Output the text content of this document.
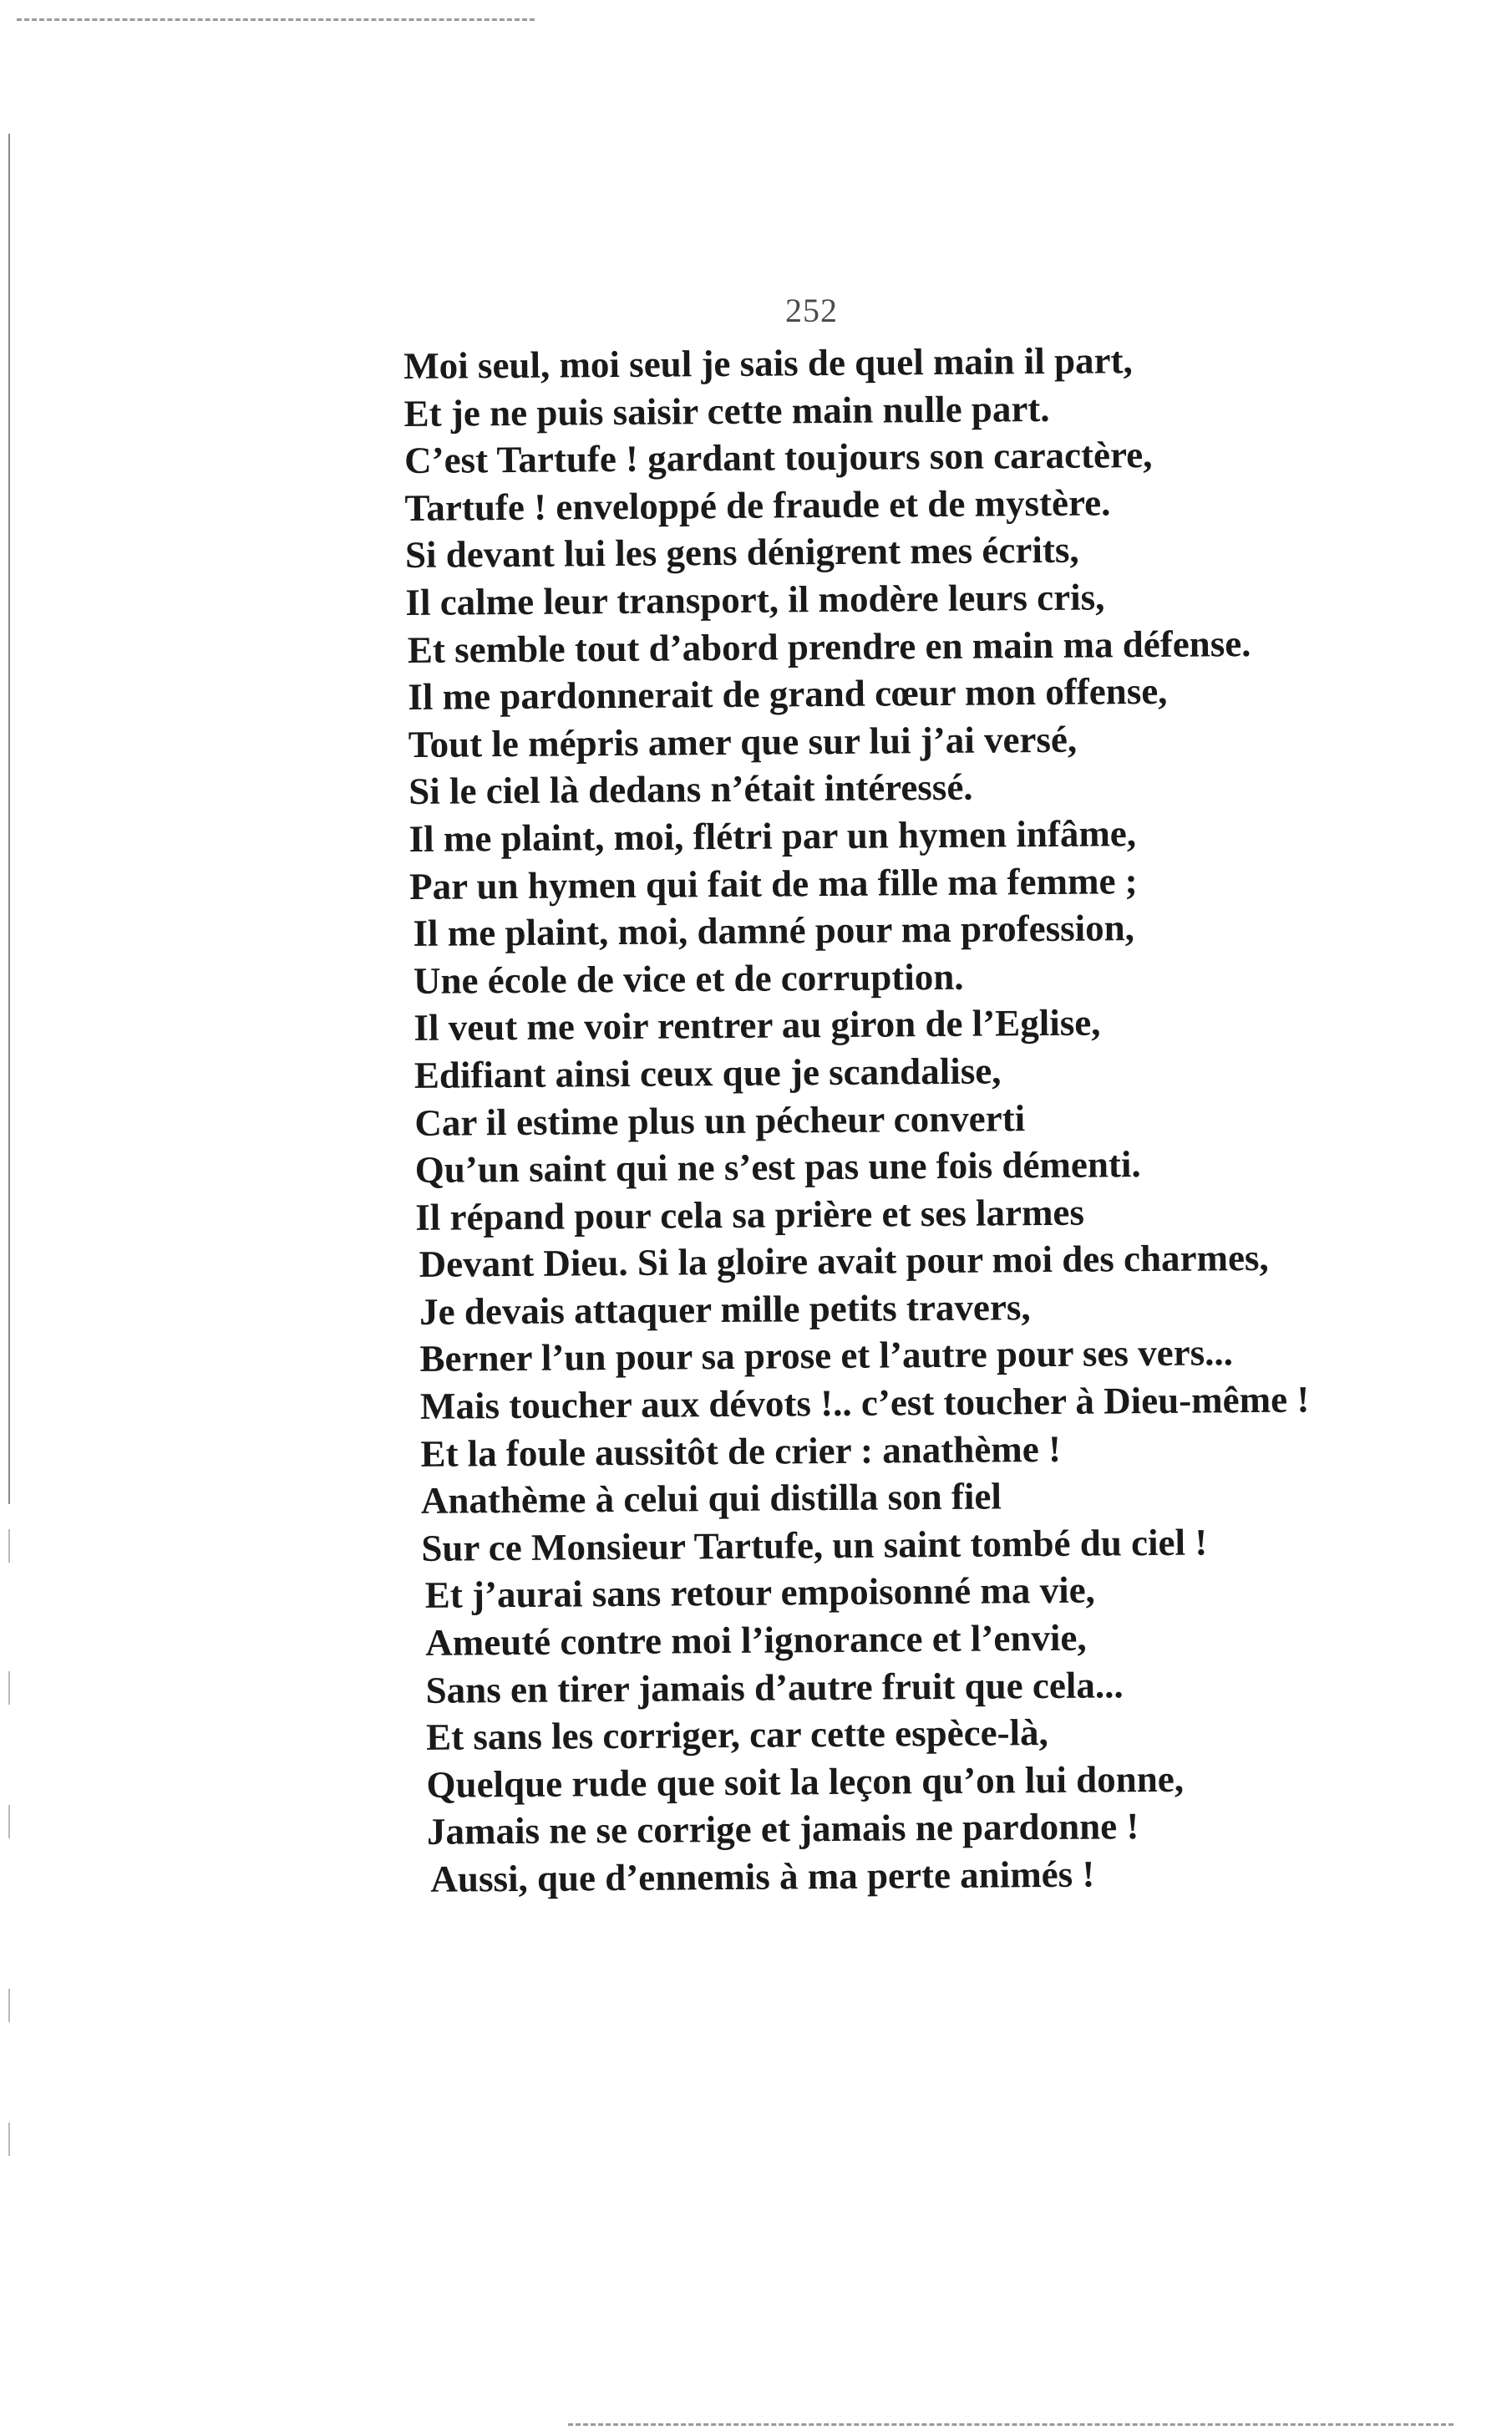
252
Moi seul, moi seul je sais de quel main il part,
Et je ne puis saisir cette main nulle part.
C’est Tartufe ! gardant toujours son caractère,
Tartufe ! enveloppé de fraude et de mystère.
Si devant lui les gens dénigrent mes écrits,
Il calme leur transport, il modère leurs cris,
Et semble tout d’abord prendre en main ma défense.
Il me pardonnerait de grand cœur mon offense,
Tout le mépris amer que sur lui j’ai versé,
Si le ciel là dedans n’était intéressé.
Il me plaint, moi, flétri par un hymen infâme,
Par un hymen qui fait de ma fille ma femme ;
Il me plaint, moi, damné pour ma profession,
Une école de vice et de corruption.
Il veut me voir rentrer au giron de l’Eglise,
Edifiant ainsi ceux que je scandalise,
Car il estime plus un pécheur converti
Qu’un saint qui ne s’est pas une fois démenti.
Il répand pour cela sa prière et ses larmes
Devant Dieu. Si la gloire avait pour moi des charmes,
Je devais attaquer mille petits travers,
Berner l’un pour sa prose et l’autre pour ses vers...
Mais toucher aux dévots !.. c’est toucher à Dieu-même !
Et la foule aussitôt de crier : anathème !
Anathème à celui qui distilla son fiel
Sur ce Monsieur Tartufe, un saint tombé du ciel !
Et j’aurai sans retour empoisonné ma vie,
Ameuté contre moi l’ignorance et l’envie,
Sans en tirer jamais d’autre fruit que cela...
Et sans les corriger, car cette espèce-là,
Quelque rude que soit la leçon qu’on lui donne,
Jamais ne se corrige et jamais ne pardonne !
Aussi, que d’ennemis à ma perte animés !
